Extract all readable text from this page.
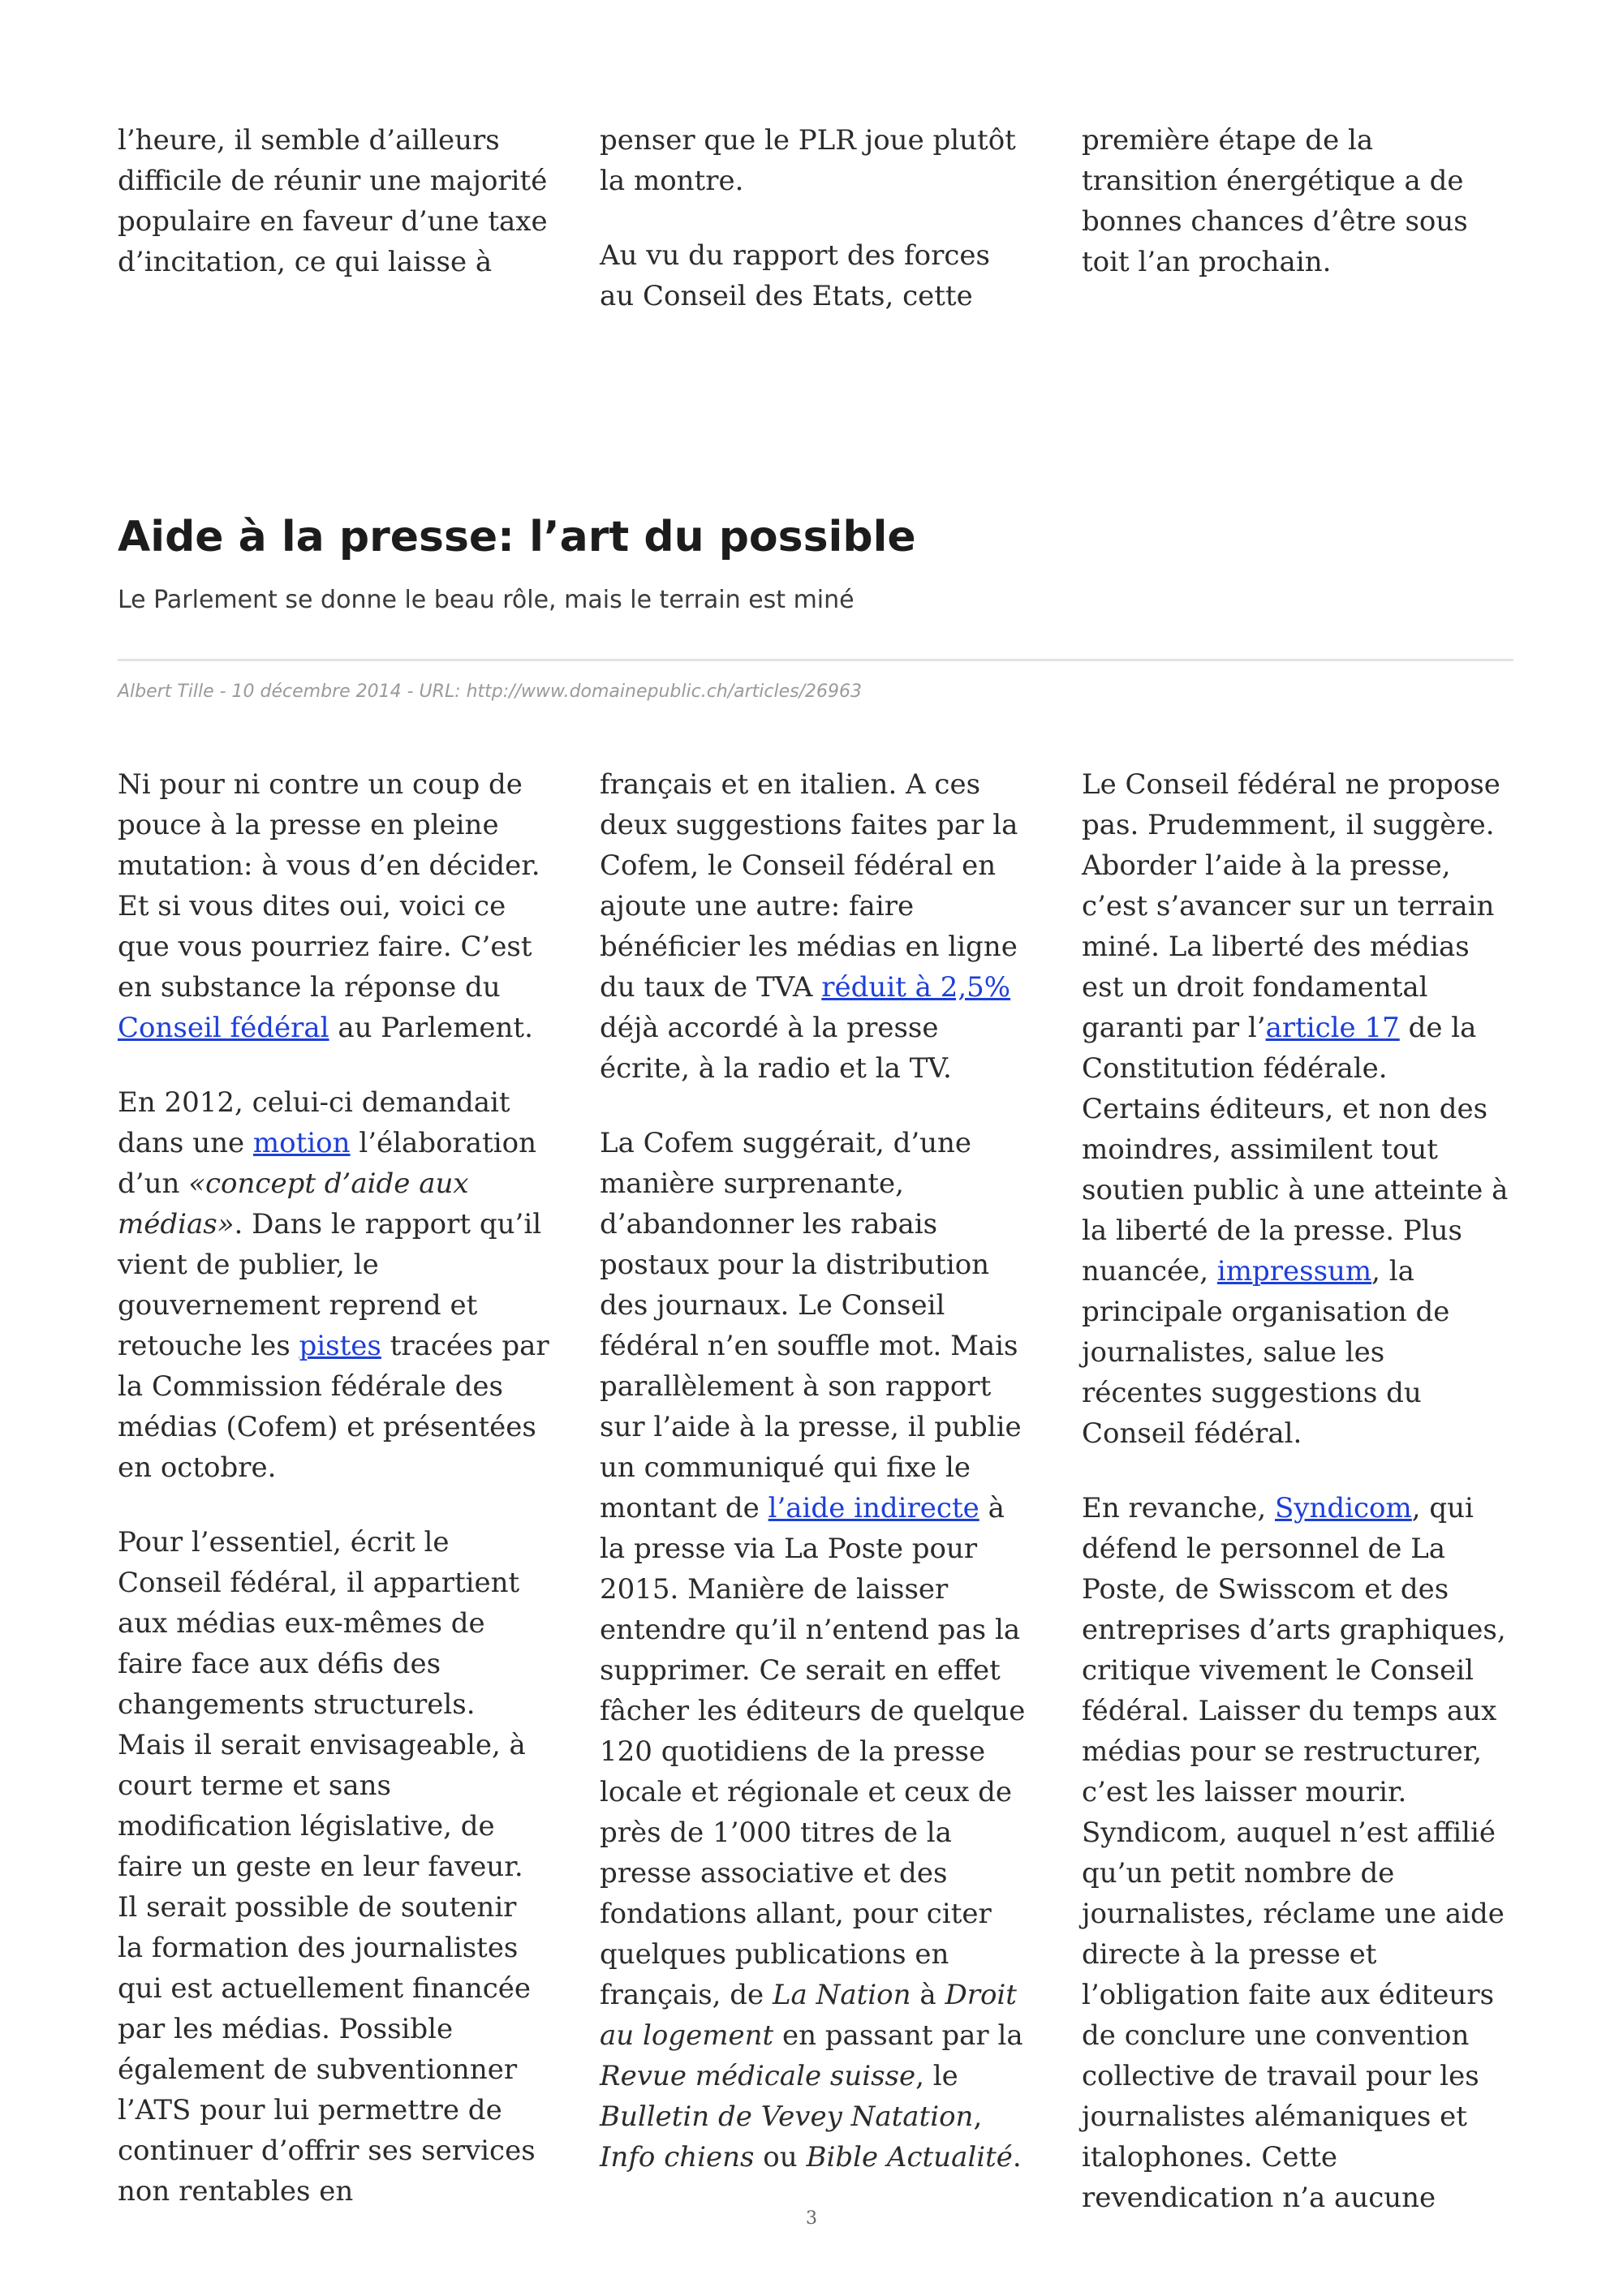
l’heure, il semble d’ailleurs difficile de réunir une majorité populaire en faveur d’une taxe d’incitation, ce qui laisse à

penser que le PLR joue plutôt la montre.

Au vu du rapport des forces au Conseil des Etats, cette

première étape de la transition énergétique a de bonnes chances d’être sous toit l’an prochain.

Aide à la presse: l’art du possible
Le Parlement se donne le beau rôle, mais le terrain est miné
Albert Tille - 10 décembre 2014 - URL: http://www.domainepublic.ch/articles/26963

Ni pour ni contre un coup de pouce à la presse en pleine mutation: à vous d’en décider. Et si vous dites oui, voici ce que vous pourriez faire. C’est en substance la réponse du Conseil fédéral au Parlement.

En 2012, celui-ci demandait dans une motion l’élaboration d’un «concept d’aide aux médias». Dans le rapport qu’il vient de publier, le gouvernement reprend et retouche les pistes tracées par la Commission fédérale des médias (Cofem) et présentées en octobre.

Pour l’essentiel, écrit le Conseil fédéral, il appartient aux médias eux-mêmes de faire face aux défis des changements structurels. Mais il serait envisageable, à court terme et sans modification législative, de faire un geste en leur faveur. Il serait possible de soutenir la formation des journalistes qui est actuellement financée par les médias. Possible également de subventionner l’ATS pour lui permettre de continuer d’offrir ses services non rentables en

français et en italien. A ces deux suggestions faites par la Cofem, le Conseil fédéral en ajoute une autre: faire bénéficier les médias en ligne du taux de TVA réduit à 2,5% déjà accordé à la presse écrite, à la radio et la TV.

La Cofem suggérait, d’une manière surprenante, d’abandonner les rabais postaux pour la distribution des journaux. Le Conseil fédéral n’en souffle mot. Mais parallèlement à son rapport sur l’aide à la presse, il publie un communiqué qui fixe le montant de l’aide indirecte à la presse via La Poste pour 2015. Manière de laisser entendre qu’il n’entend pas la supprimer. Ce serait en effet fâcher les éditeurs de quelque 120 quotidiens de la presse locale et régionale et ceux de près de 1’000 titres de la presse associative et des fondations allant, pour citer quelques publications en français, de La Nation à Droit au logement en passant par la Revue médicale suisse, le Bulletin de Vevey Natation, Info chiens ou Bible Actualité.

Le Conseil fédéral ne propose pas. Prudemment, il suggère. Aborder l’aide à la presse, c’est s’avancer sur un terrain miné. La liberté des médias est un droit fondamental garanti par l’article 17 de la Constitution fédérale. Certains éditeurs, et non des moindres, assimilent tout soutien public à une atteinte à la liberté de la presse. Plus nuancée, impressum, la principale organisation de journalistes, salue les récentes suggestions du Conseil fédéral.

En revanche, Syndicom, qui défend le personnel de La Poste, de Swisscom et des entreprises d’arts graphiques, critique vivement le Conseil fédéral. Laisser du temps aux médias pour se restructurer, c’est les laisser mourir. Syndicom, auquel n’est affilié qu’un petit nombre de journalistes, réclame une aide directe à la presse et l’obligation faite aux éditeurs de conclure une convention collective de travail pour les journalistes alémaniques et italophones. Cette revendication n’a aucune

3
